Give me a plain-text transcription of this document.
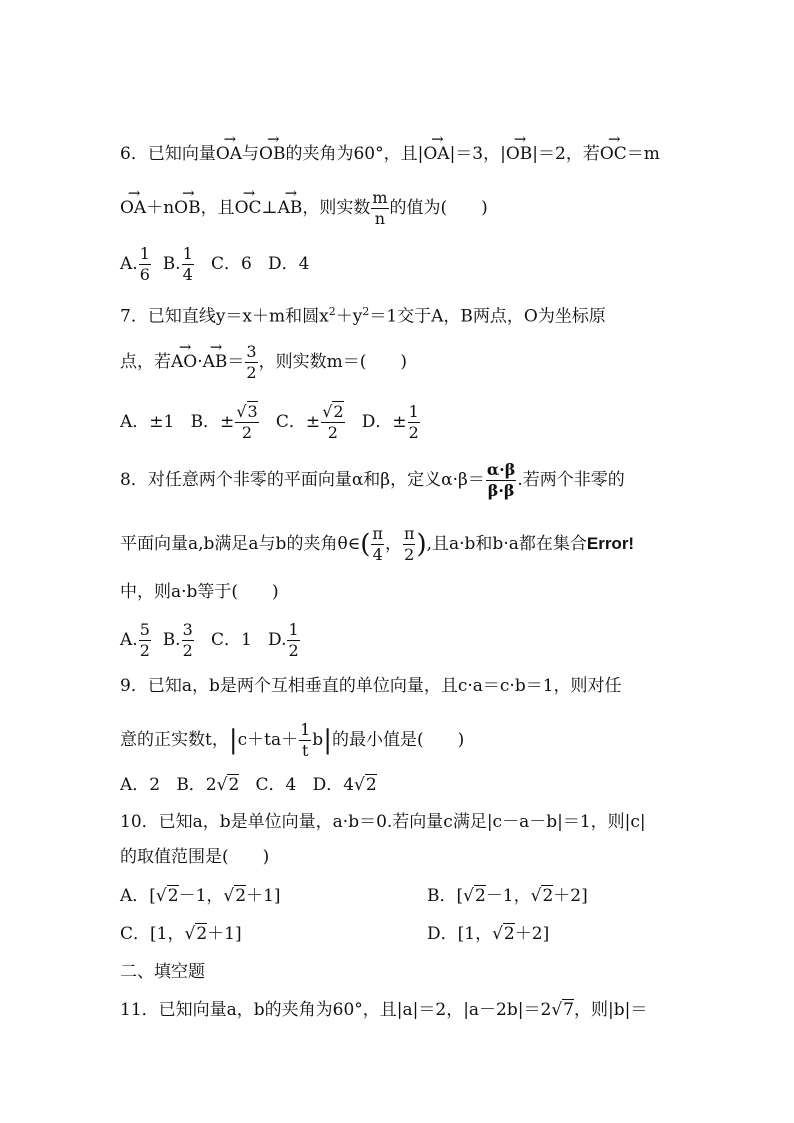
6．已知向量→ OA与→ OB的夹角为60°，且|→ OA|＝3，|→ OB|＝2，若→ OC＝m
→ OA＋n→ OB，且→ OC⊥→ AB，则实数 $\frac{m}{n}$ 的值为(　　)
A. $\frac{1}{6} B$. $\frac{1}{4}$ C．6 D．4
7．已知直线y＝x＋m和圆$x^2+y^2=1$交于A，B两点，O为坐标原
点，若→ $AO\cdot\to AB= \frac{3}{2}$ ，则实数m＝(　　)
A．±1 B．± $\frac{√3}{2}$ C．± $\frac{√2}{2}$ D．± $\frac{1}{2}$
8．对任意两个非零的平面向量α和β，定义$\alpha\cdot\beta= \frac{\alpha\cdot\beta}{\beta\cdot\beta}$ .若两个非零的
平面向量a,b满足a与b的夹角θ∈( $\frac{\pi}{4}$ ， $\frac{\pi}{2}$ ),且a·b和b·a都在集合Error!
中，则a·b等于(　　)
A. $\frac{5}{2} B$. $\frac{3}{2}$ C．1 D. $\frac{1}{2}$
9．已知a，b是两个互相垂直的单位向量，且c·a＝c·b＝1，则对任
意的正实数t，$|c+ta+ \frac{1}{t} b|$的最小值是(　　)
A．2 B．2√2 C．4 D．4√2
10．已知a，b是单位向量，a·b＝0.若向量c满足|c－a－b|＝1，则|c|
的取值范围是(　　)
A．[√2－1，√2＋1]	B．[√2－1，√2＋2]
C．[1，√2＋1]	D．[1，√2＋2]
二、填空题
11．已知向量a，b的夹角为60°，且|a|＝2，|a－2b|＝2√7，则|b|＝
